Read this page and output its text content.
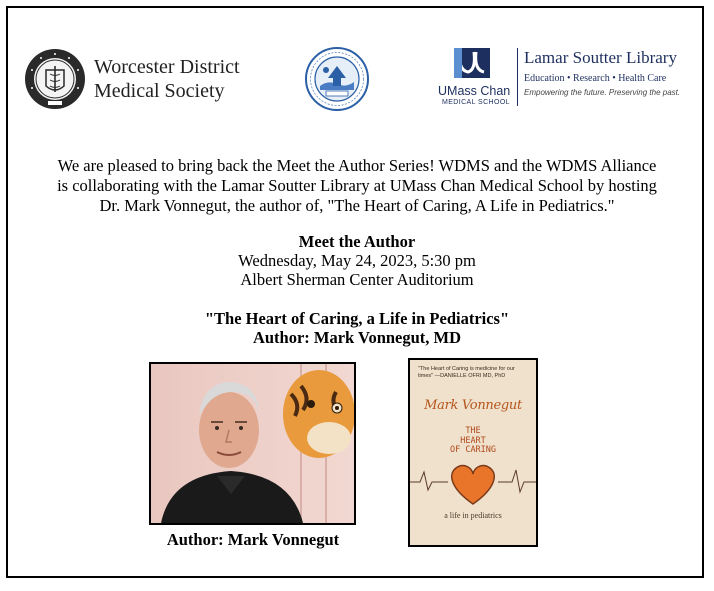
Worcester District
Medical Society	UMass Chan
MEDICAL SCHOOL
Lamar Soutter Library
Education • Research • Health Care
Empowering the future. Preserving the past.
We are pleased to bring back the Meet the Author Series! WDMS and the WDMS Alliance
is collaborating with the Lamar Soutter Library at UMass Chan Medical School by hosting
Dr. Mark Vonnegut, the author of, "The Heart of Caring, A Life in Pediatrics."
Meet the Author
Wednesday, May 24, 2023, 5:30 pm
Albert Sherman Center Auditorium
"The Heart of Caring, a Life in Pediatrics"
Author: Mark Vonnegut, MD
Author: Mark Vonnegut
"The Heart of Caring is medicine for our times" —DANIELLE OFRI MD, PhD
Mark Vonnegut
THE
HEART
OF CARING
a life in pediatrics
